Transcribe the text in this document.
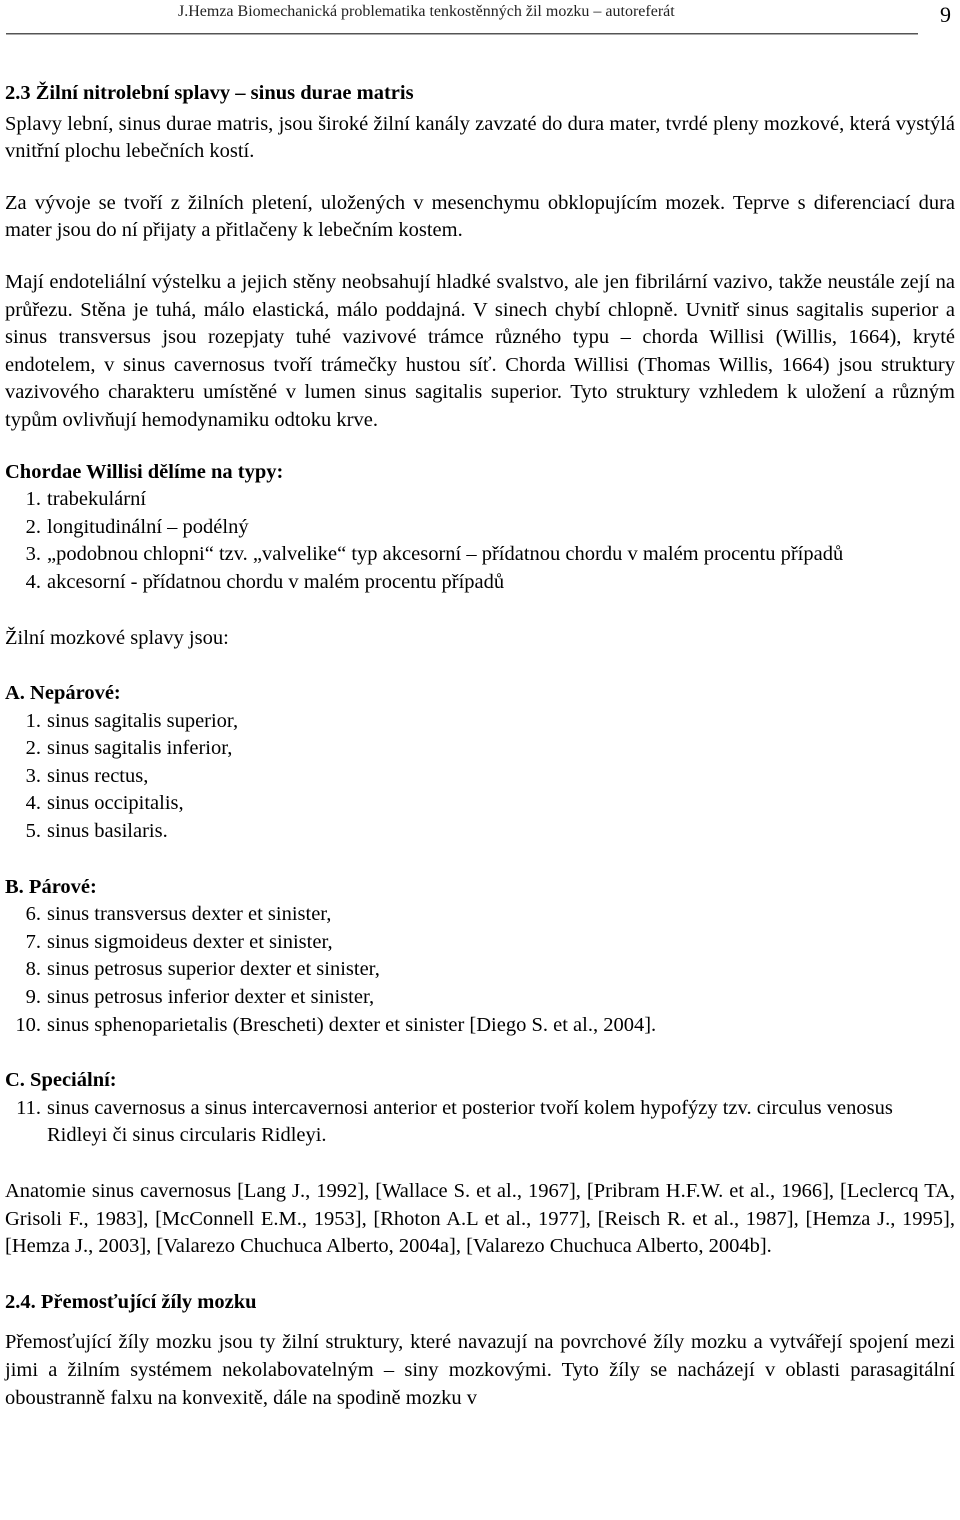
J.Hemza Biomechanická problematika tenkostěnných žil mozku – autoreferát	9
2.3 Žilní nitrolební splavy – sinus durae matris

Splavy lební, sinus durae matris, jsou široké žilní kanály zavzaté do dura mater, tvrdé pleny mozkové, která vystýlá vnitřní plochu lebečních kostí.

Za vývoje se tvoří z žilních pletení, uložených v mesenchymu obklopujícím mozek. Teprve s diferenciací dura mater jsou do ní přijaty a přitlačeny k lebečním kostem.

Mají endoteliální výstelku a jejich stěny neobsahují hladké svalstvo, ale jen fibrilární vazivo, takže neustále zejí na průřezu. Stěna je tuhá, málo elastická, málo poddajná. V sinech chybí chlopně. Uvnitř sinus sagitalis superior a sinus transversus jsou rozepjaty tuhé vazivové trámce různého typu – chorda Willisi (Willis, 1664), kryté endotelem, v sinus cavernosus tvoří trámečky hustou síť. Chorda Willisi (Thomas Willis, 1664) jsou struktury vazivového charakteru umístěné v lumen sinus sagitalis superior. Tyto struktury vzhledem k uložení a různým typům ovlivňují hemodynamiku odtoku krve.

Chordae Willisi dělíme na typy:
1. trabekulární
2. longitudinální – podélný
3. „podobnou chlopni“ tzv. „valvelike“ typ akcesorní – přídatnou chordu v malém procentu případů
4. akcesorní - přídatnou chordu v malém procentu případů
Žilní mozkové splavy jsou:
A. Nepárové:
1. sinus sagitalis superior,
2. sinus sagitalis inferior,
3. sinus rectus,
4. sinus occipitalis,
5. sinus basilaris.
B. Párové:
6. sinus transversus dexter et sinister,
7. sinus sigmoideus dexter et sinister,
8. sinus petrosus superior dexter et sinister,
9. sinus petrosus inferior dexter et sinister,
10. sinus sphenoparietalis (Brescheti) dexter et sinister [Diego S. et al., 2004].
C. Speciální:
11. sinus cavernosus a sinus intercavernosi anterior et posterior tvoří kolem hypofýzy tzv. circulus venosus Ridleyi či sinus circularis Ridleyi.

Anatomie sinus cavernosus [Lang J., 1992], [Wallace S. et al., 1967], [Pribram H.F.W. et al., 1966], [Leclercq TA, Grisoli F., 1983], [McConnell E.M., 1953], [Rhoton A.L et al., 1977], [Reisch R. et al., 1987], [Hemza J., 1995], [Hemza J., 2003], [Valarezo Chuchuca Alberto, 2004a], [Valarezo Chuchuca Alberto, 2004b].

2.4. Přemosťující žíly mozku

Přemosťující žíly mozku jsou ty žilní struktury, které navazují na povrchové žíly mozku a vytvářejí spojení mezi jimi a žilním systémem nekolabovatelným – siny mozkovými. Tyto žíly se nacházejí v oblasti parasagitální oboustranně falxu na konvexitě, dále na spodině mozku v
